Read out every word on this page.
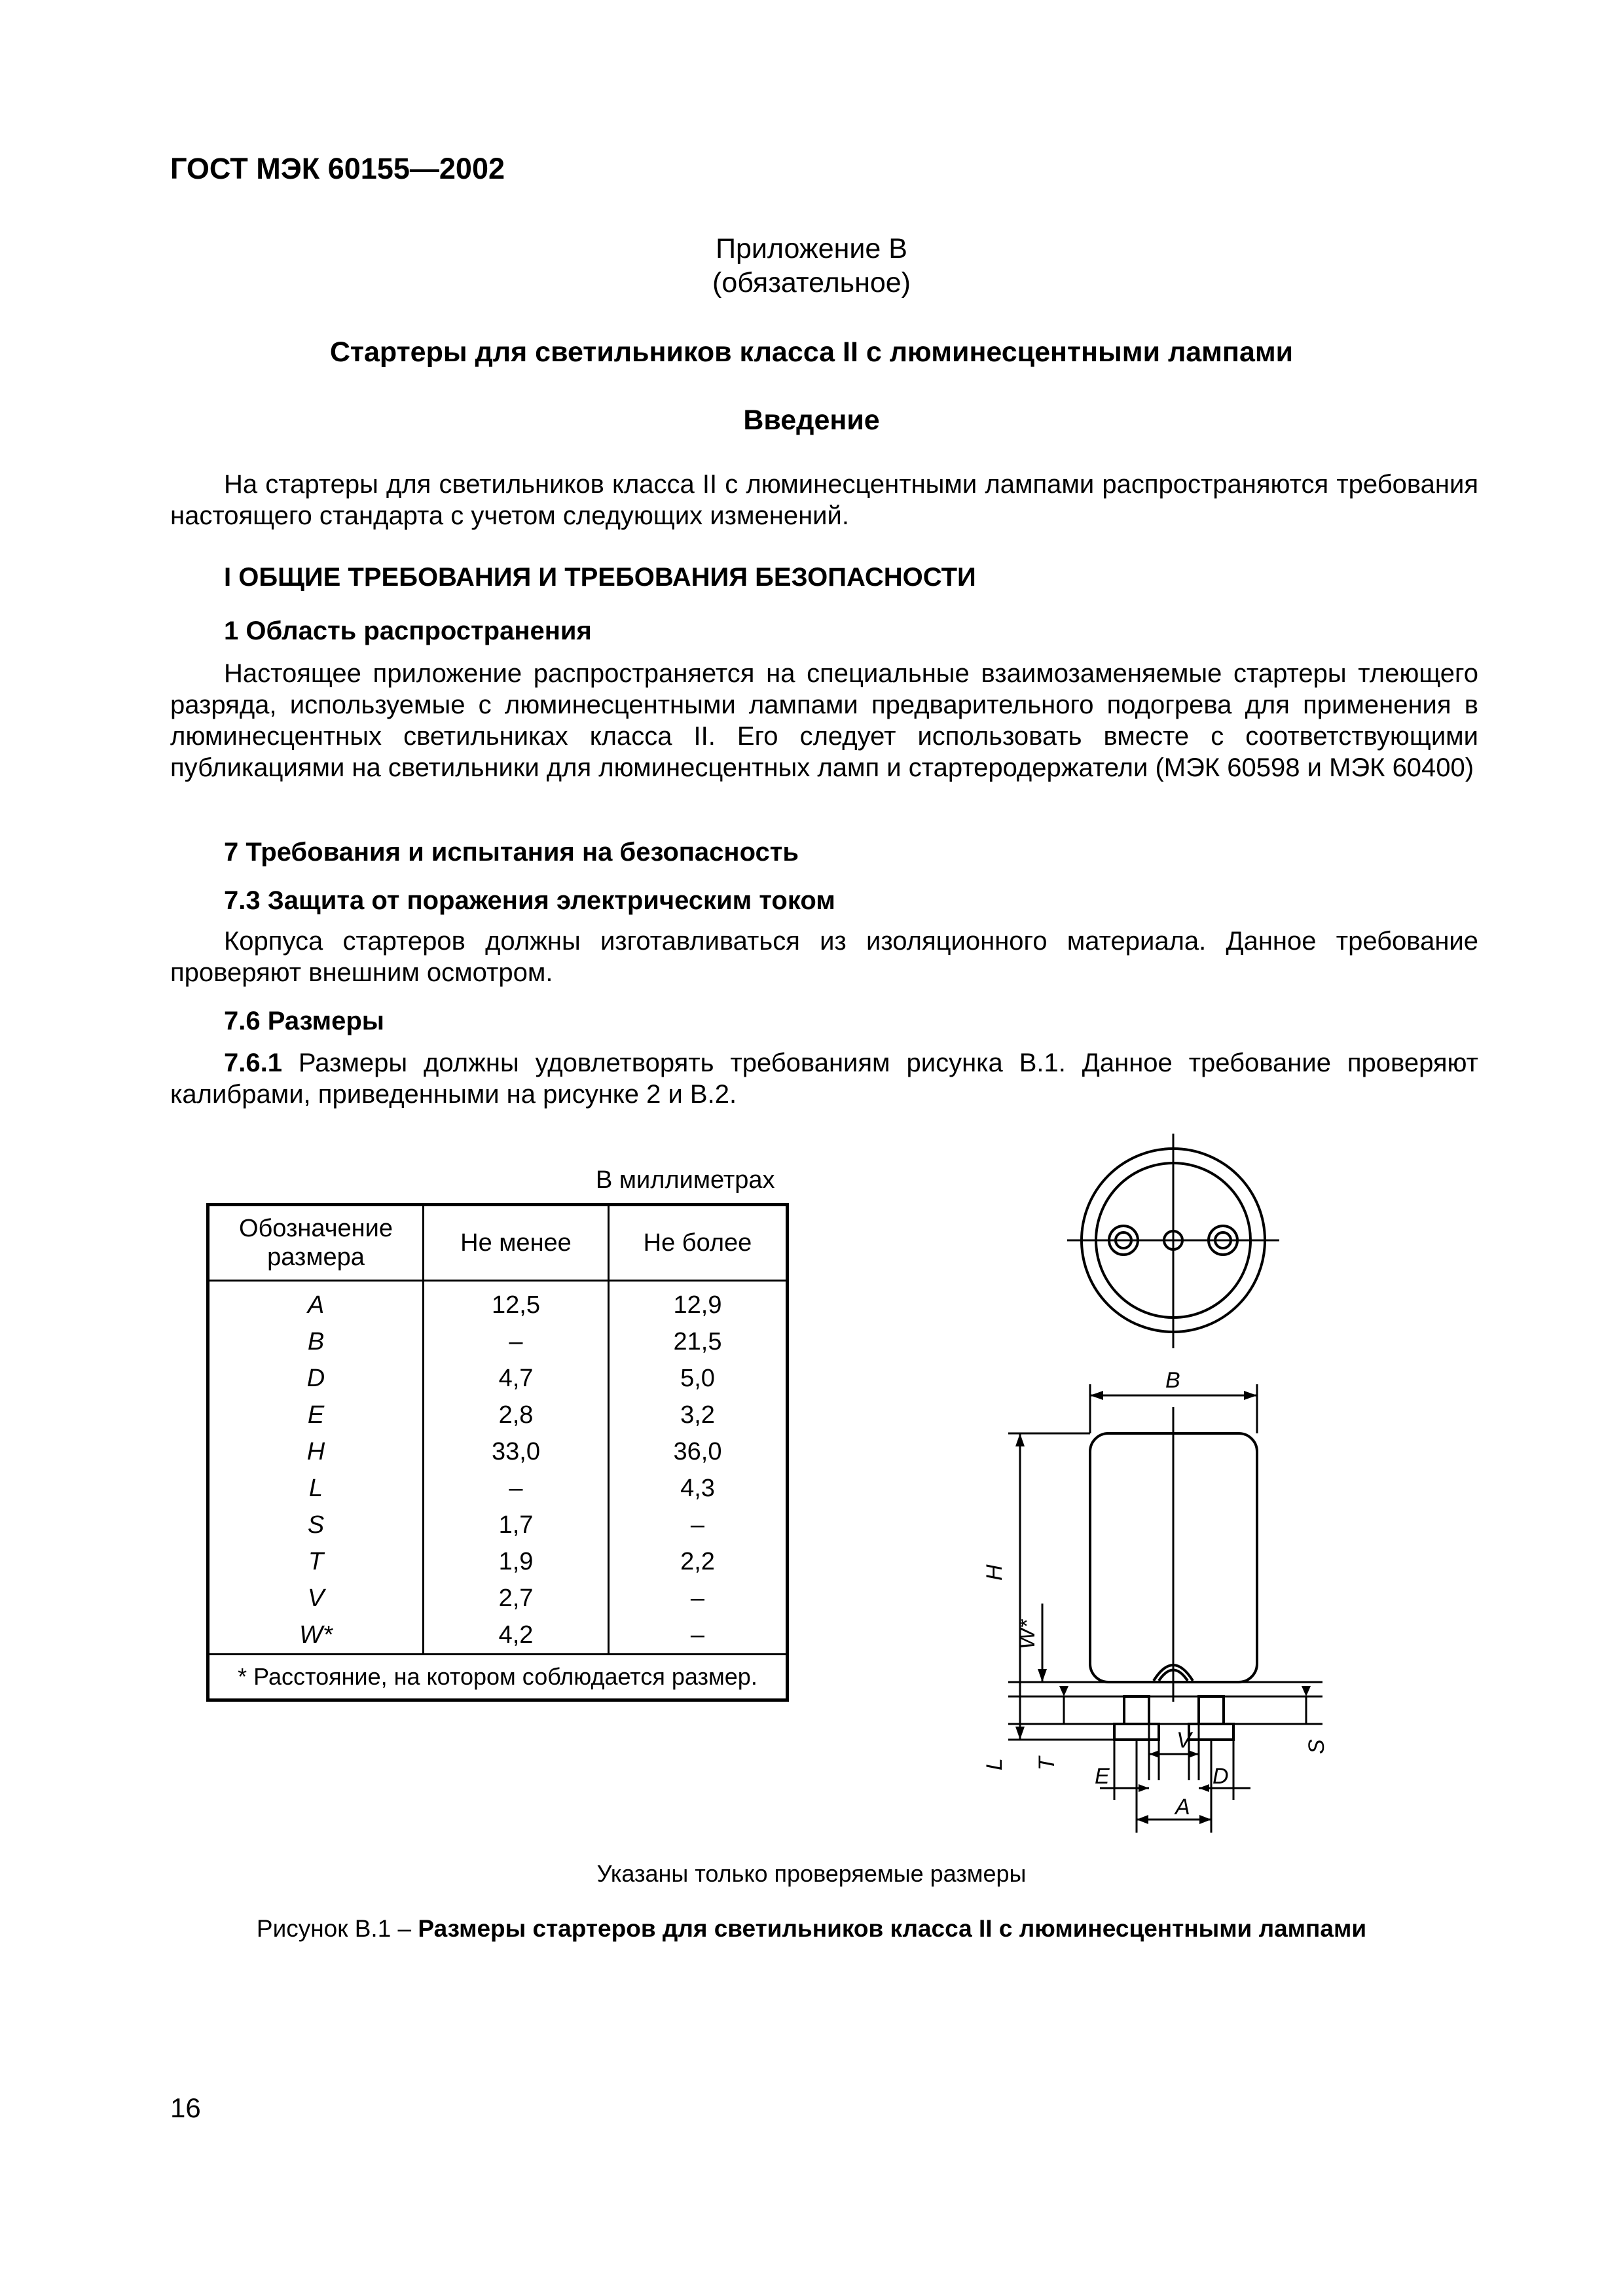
ГОСТ МЭК 60155—2002
Приложение В
(обязательное)
Стартеры для светильников класса II с люминесцентными лампами
Введение

На стартеры для светильников класса II с люминесцентными лампами распространяются требования настоящего стандарта с учетом следующих изменений.

I ОБЩИЕ ТРЕБОВАНИЯ И ТРЕБОВАНИЯ БЕЗОПАСНОСТИ
1 Область распространения

Настоящее приложение распространяется на специальные взаимозаменяемые стартеры тлеющего разряда, используемые с люминесцентными лампами предварительного подогрева для применения в люминесцентных светильниках класса II. Его следует использовать вместе с соответствующими публикациями на светильники для люминесцентных ламп и стартеродержатели (МЭК 60598 и МЭК 60400)

7 Требования и испытания на безопасность
7.3 Защита от поражения электрическим током

Корпуса стартеров должны изготавливаться из изоляционного материала. Данное требование проверяют внешним осмотром.

7.6 Размеры

7.6.1 Размеры должны удовлетворять требованиям рисунка В.1. Данное требование проверяют калибрами, приведенными на рисунке 2 и В.2.

В миллиметрах
Обозначение размера	Не менее	Не более
A	12,5	12,9
B	–	21,5
D	4,7	5,0
E	2,8	3,2
H	33,0	36,0
L	–	4,3
S	1,7	–
T	1,9	2,2
V	2,7	–
W*	4,2	–
* Расстояние, на котором соблюдается размер.		
B
H
W*
L T
S
V
E	D
A
Указаны только проверяемые размеры
Рисунок В.1 – Размеры стартеров для светильников класса II с люминесцентными лампами
16
